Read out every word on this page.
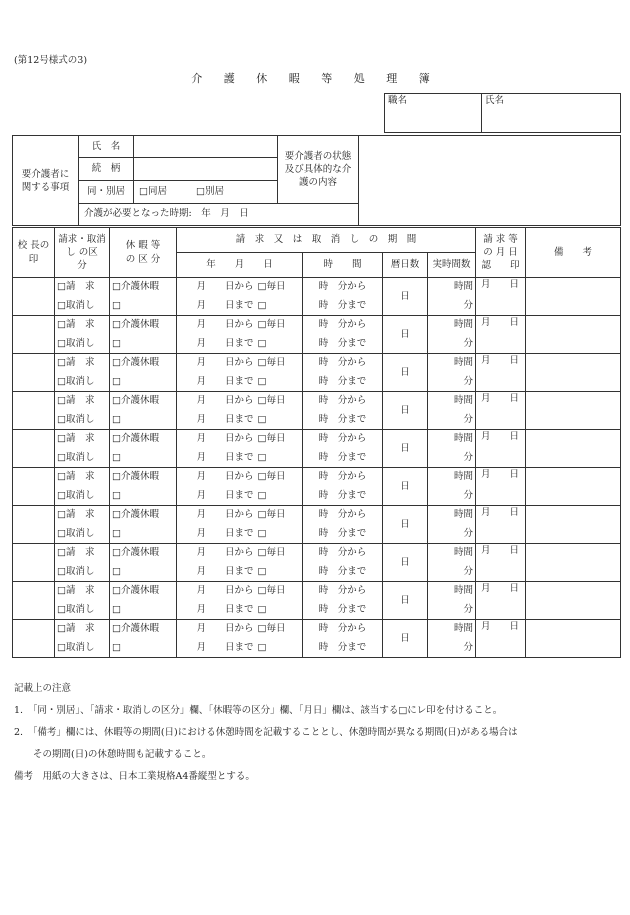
(第12号様式の3)
介 護 休 暇 等 処 理 簿
職名	氏名
要介護者に関する事項	氏　名		要介護者の状態及び具体的な介護の内容	
	続　柄			
	同・別居	□同居 □別居		
	介護が必要となった時期:　年　月　日			
校 長の 印	請求・取消 し の区　分	休 暇 等の 区 分	請　求　又　は　取　消　し　の　期　間					請 求 等の 月 日認　　印	備　　考
			年　　月　　日		時　　間	暦日数	実時間数		
	□請　求	□介護休暇	月　　日から	□毎日	時　分から	日	時間	月　　日	
	□取消し	□	月　　日まで	□	時　分まで		分		
	□請　求	□介護休暇	月　　日から	□毎日	時　分から	日	時間	月　　日	
	□取消し	□	月　　日まで	□	時　分まで		分		
	□請　求	□介護休暇	月　　日から	□毎日	時　分から	日	時間	月　　日	
	□取消し	□	月　　日まで	□	時　分まで		分		
	□請　求	□介護休暇	月　　日から	□毎日	時　分から	日	時間	月　　日	
	□取消し	□	月　　日まで	□	時　分まで		分		
	□請　求	□介護休暇	月　　日から	□毎日	時　分から	日	時間	月　　日	
	□取消し	□	月　　日まで	□	時　分まで		分		
	□請　求	□介護休暇	月　　日から	□毎日	時　分から	日	時間	月　　日	
	□取消し	□	月　　日まで	□	時　分まで		分		
	□請　求	□介護休暇	月　　日から	□毎日	時　分から	日	時間	月　　日	
	□取消し	□	月　　日まで	□	時　分まで		分		
	□請　求	□介護休暇	月　　日から	□毎日	時　分から	日	時間	月　　日	
	□取消し	□	月　　日まで	□	時　分まで		分		
	□請　求	□介護休暇	月　　日から	□毎日	時　分から	日	時間	月　　日	
	□取消し	□	月　　日まで	□	時　分まで		分		
	□請　求	□介護休暇	月　　日から	□毎日	時　分から	日	時間	月　　日	
	□取消し	□	月　　日まで	□	時　分まで		分		
記載上の注意
1.　「同・別居」、「請求・取消しの区分」欄、「休暇等の区分」欄、「月日」欄は、該当する□にレ印を付けること。
2.　「備考」欄には、休暇等の期間(日)における休憩時間を記載することとし、休憩時間が異なる期間(日)がある場合は
　　その期間(日)の休憩時間も記載すること。
備考　用紙の大きさは、日本工業規格A4番縦型とする。
